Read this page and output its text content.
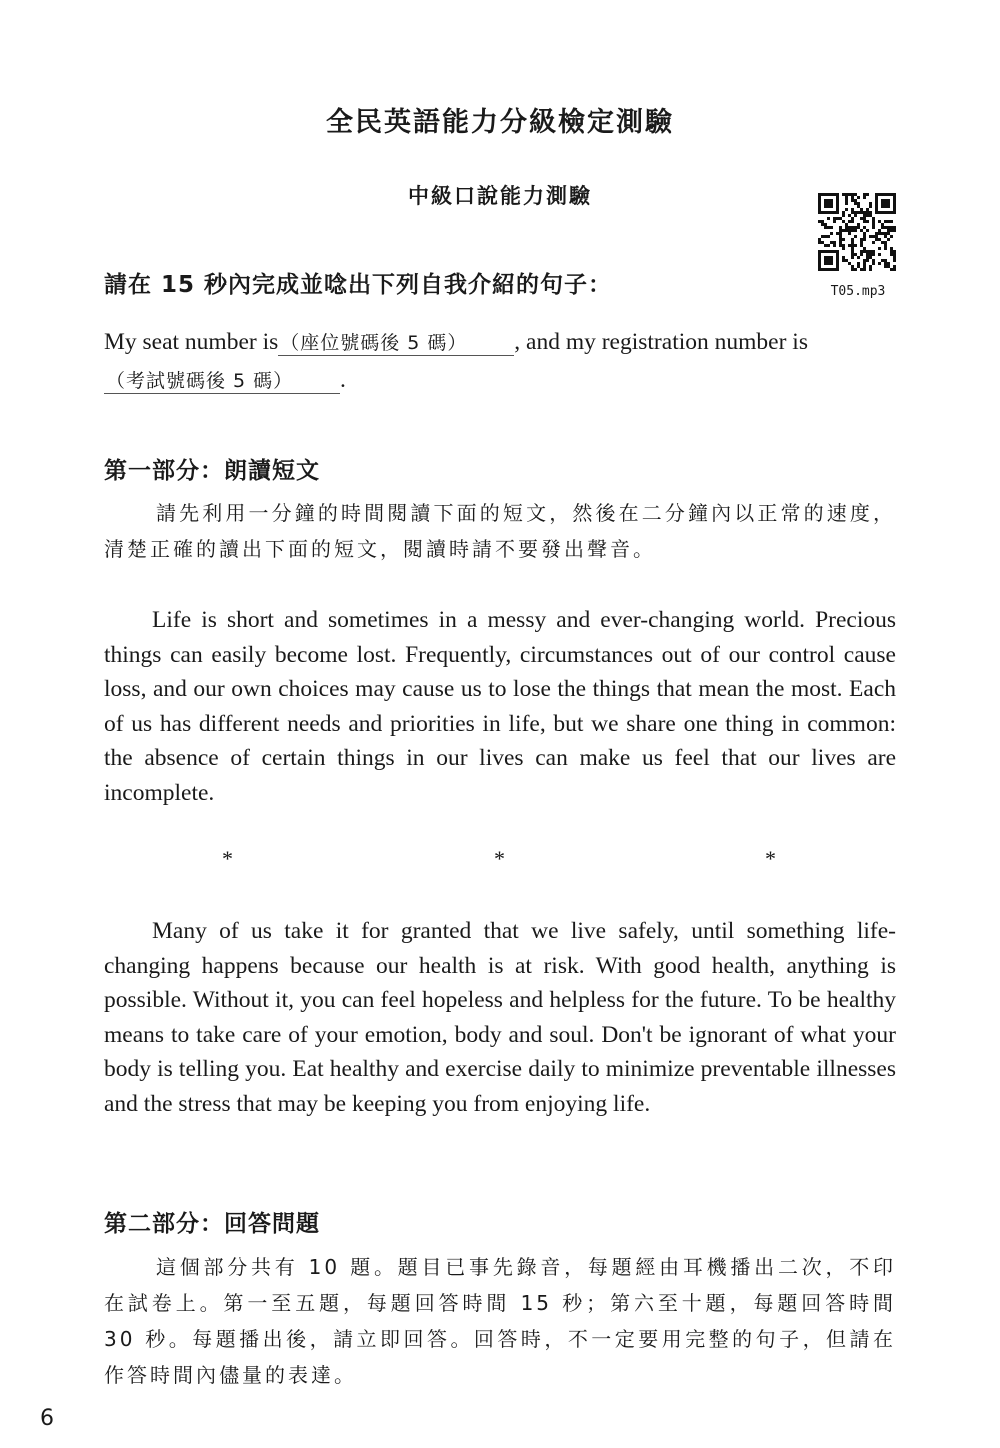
全民英語能力分級檢定測驗
中級口說能力測驗
T05.mp3
請在 15 秒內完成並唸出下列自我介紹的句子：
My seat number is （座位號碼後 5 碼） , and my registration number is
（考試號碼後 5 碼） .
第一部分：朗讀短文
請先利用一分鐘的時間閱讀下面的短文，然後在二分鐘內以正常的速度，清楚正確的讀出下面的短文，閱讀時請不要發出聲音。

Life is short and sometimes in a messy and ever-changing world. Precious things can easily become lost. Frequently, circumstances out of our control cause loss, and our own choices may cause us to lose the things that mean the most. Each of us has different needs and priorities in life, but we share one thing in common: the absence of certain things in our lives can make us feel that our lives are incomplete.

*	*	*

Many of us take it for granted that we live safely, until something life-changing happens because our health is at risk. With good health, anything is possible. Without it, you can feel hopeless and helpless for the future. To be healthy means to take care of your emotion, body and soul. Don't be ignorant of what your body is telling you. Eat healthy and exercise daily to minimize preventable illnesses and the stress that may be keeping you from enjoying life.

第二部分：回答問題
這個部分共有 10 題。題目已事先錄音，每題經由耳機播出二次，不印在試卷上。第一至五題，每題回答時間 15 秒；第六至十題，每題回答時間 30 秒。每題播出後，請立即回答。回答時，不一定要用完整的句子，但請在作答時間內儘量的表達。
6
